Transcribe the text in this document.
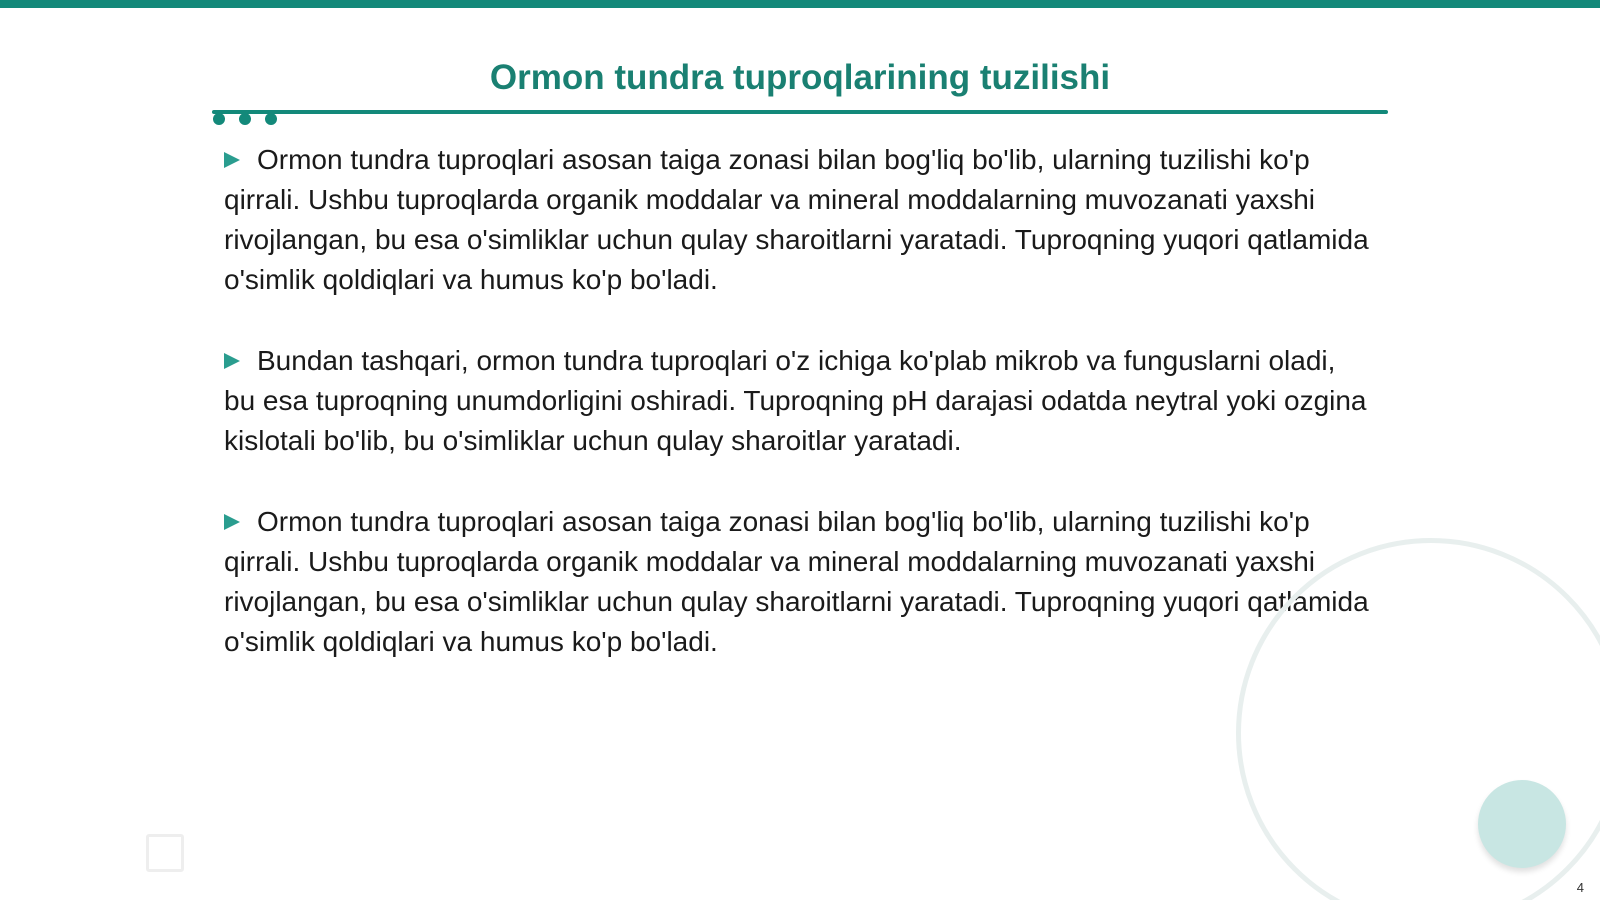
Ormon tundra tuproqlarining tuzilishi

Ormon tundra tuproqlari asosan taiga zonasi bilan bog'liq bo'lib, ularning tuzilishi ko'p qirrali. Ushbu tuproqlarda organik moddalar va mineral moddalarning muvozanati yaxshi rivojlangan, bu esa o'simliklar uchun qulay sharoitlarni yaratadi. Tuproqning yuqori qatlamida o'simlik qoldiqlari va humus ko'p bo'ladi.

Bundan tashqari, ormon tundra tuproqlari o'z ichiga ko'plab mikrob va funguslarni oladi, bu esa tuproqning unumdorligini oshiradi. Tuproqning pH darajasi odatda neytral yoki ozgina kislotali bo'lib, bu o'simliklar uchun qulay sharoitlar yaratadi.

Ormon tundra tuproqlari asosan taiga zonasi bilan bog'liq bo'lib, ularning tuzilishi ko'p qirrali. Ushbu tuproqlarda organik moddalar va mineral moddalarning muvozanati yaxshi rivojlangan, bu esa o'simliklar uchun qulay sharoitlarni yaratadi. Tuproqning yuqori qatlamida o'simlik qoldiqlari va humus ko'p bo'ladi.

4
